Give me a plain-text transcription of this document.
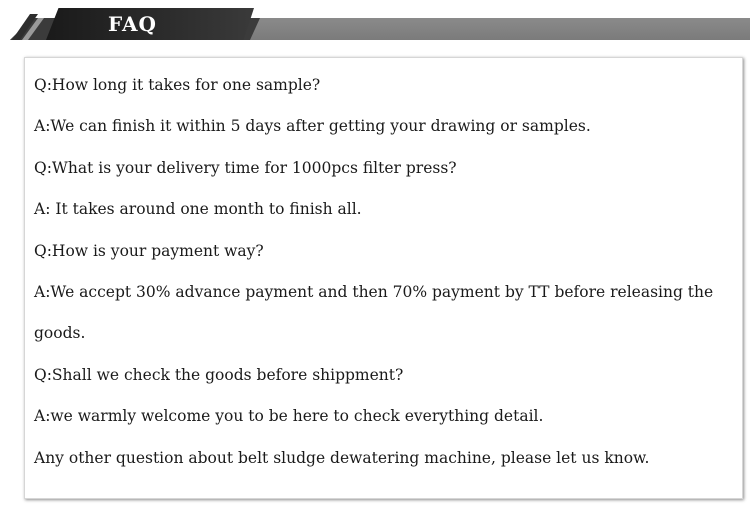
FAQ
Q:How long it takes for one sample?
A:We can finish it within 5 days after getting your drawing or samples.
Q:What is your delivery time for 1000pcs filter press?
A: It takes around one month to finish all.
Q:How is your payment way?
A:We accept 30% advance payment and then 70% payment by TT before releasing the
goods.
Q:Shall we check the goods before shippment?
A:we warmly welcome you to be here to check everything detail.
Any other question about belt sludge dewatering machine, please let us know.
